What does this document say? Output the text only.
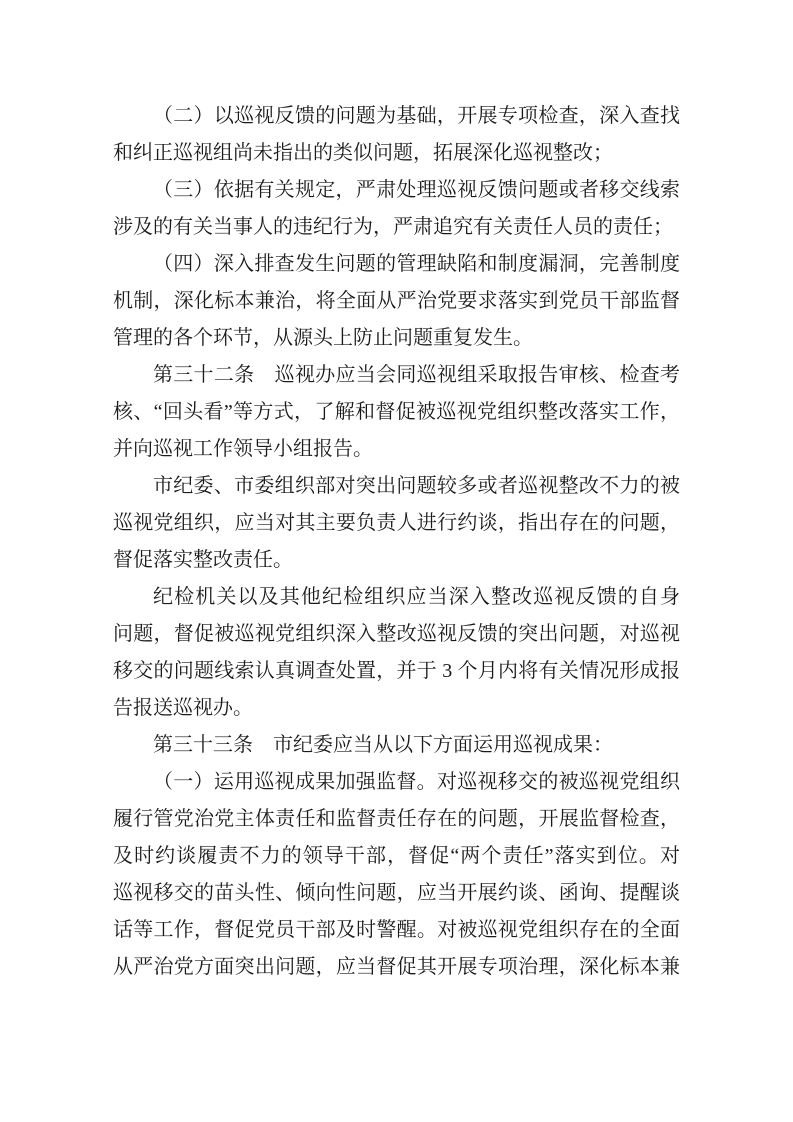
（二）以巡视反馈的问题为基础，开展专项检查，深入查找
和纠正巡视组尚未指出的类似问题，拓展深化巡视整改；
（三）依据有关规定，严肃处理巡视反馈问题或者移交线索
涉及的有关当事人的违纪行为，严肃追究有关责任人员的责任；
（四）深入排查发生问题的管理缺陷和制度漏洞，完善制度
机制，深化标本兼治，将全面从严治党要求落实到党员干部监督
管理的各个环节，从源头上防止问题重复发生。
第三十二条　巡视办应当会同巡视组采取报告审核、检查考
核、“回头看”等方式，了解和督促被巡视党组织整改落实工作，
并向巡视工作领导小组报告。
市纪委、市委组织部对突出问题较多或者巡视整改不力的被
巡视党组织，应当对其主要负责人进行约谈，指出存在的问题，
督促落实整改责任。
纪检机关以及其他纪检组织应当深入整改巡视反馈的自身
问题，督促被巡视党组织深入整改巡视反馈的突出问题，对巡视
移交的问题线索认真调查处置，并于 3 个月内将有关情况形成报
告报送巡视办。
第三十三条　市纪委应当从以下方面运用巡视成果：
（一）运用巡视成果加强监督。对巡视移交的被巡视党组织
履行管党治党主体责任和监督责任存在的问题，开展监督检查，
及时约谈履责不力的领导干部，督促“两个责任”落实到位。对
巡视移交的苗头性、倾向性问题，应当开展约谈、函询、提醒谈
话等工作，督促党员干部及时警醒。对被巡视党组织存在的全面
从严治党方面突出问题，应当督促其开展专项治理，深化标本兼
